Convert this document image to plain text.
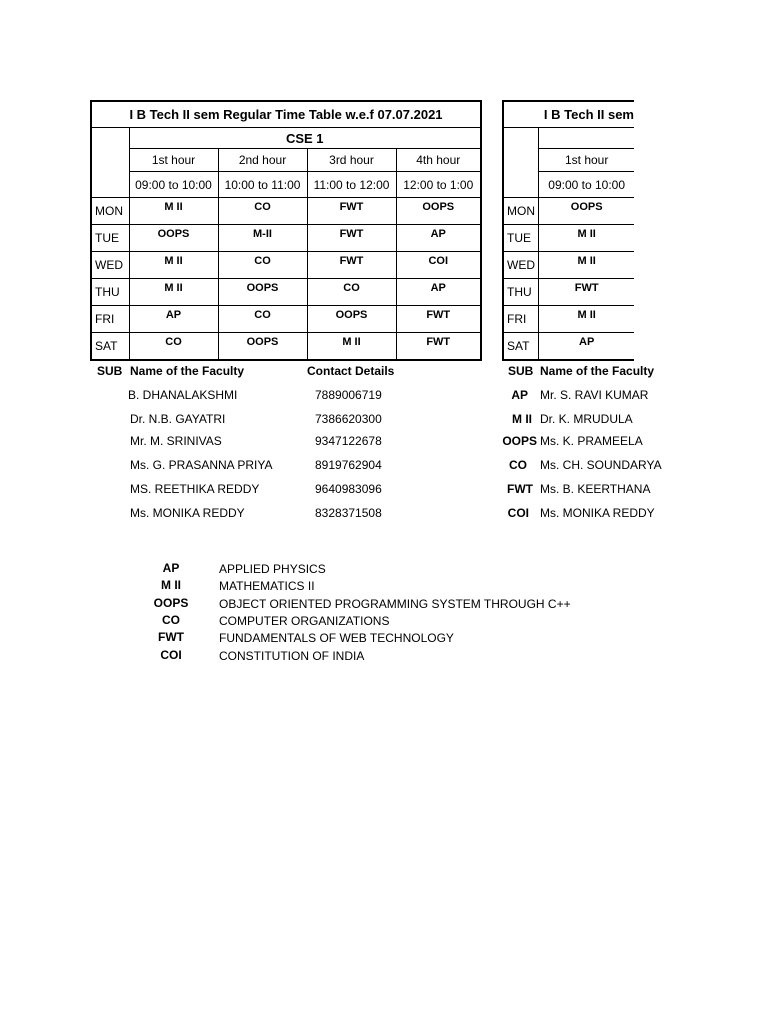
I B Tech II sem Regular Time Table w.e.f 07.07.2021				
	CSE 1			
	1st hour	2nd hour	3rd hour	4th hour
	09:00 to 10:00	10:00 to 11:00	11:00 to 12:00	12:00 to 1:00
MON	M II	CO	FWT	OOPS
TUE	OOPS	M-II	FWT	AP
WED	M II	CO	FWT	COI
THU	M II	OOPS	CO	AP
FRI	AP	CO	OOPS	FWT
SAT	CO	OOPS	M II	FWT
I B Tech II sem	

	1st hour
	09:00 to 10:00
MON	OOPS
TUE	M II
WED	M II
THU	FWT
FRI	M II
SAT	AP
SUB Name of the Faculty	Contact Details
B. DHANALAKSHMI	7889006719
Dr. N.B. GAYATRI	7386620300
Mr. M. SRINIVAS	9347122678
Ms. G. PRASANNA PRIYA	8919762904
MS. REETHIKA REDDY	9640983096
Ms. MONIKA REDDY	8328371508
SUB Name of the Faculty
AP Mr. S. RAVI KUMAR
M II Dr. K. MRUDULA
OOPS Ms. K. PRAMEELA
CO Ms. CH. SOUNDARYA
FWT Ms. B. KEERTHANA
COI Ms. MONIKA REDDY
AP	APPLIED PHYSICS
M II	MATHEMATICS II
OOPS	OBJECT ORIENTED PROGRAMMING SYSTEM THROUGH C++
CO	COMPUTER ORGANIZATIONS
FWT	FUNDAMENTALS OF WEB TECHNOLOGY
COI	CONSTITUTION OF INDIA
